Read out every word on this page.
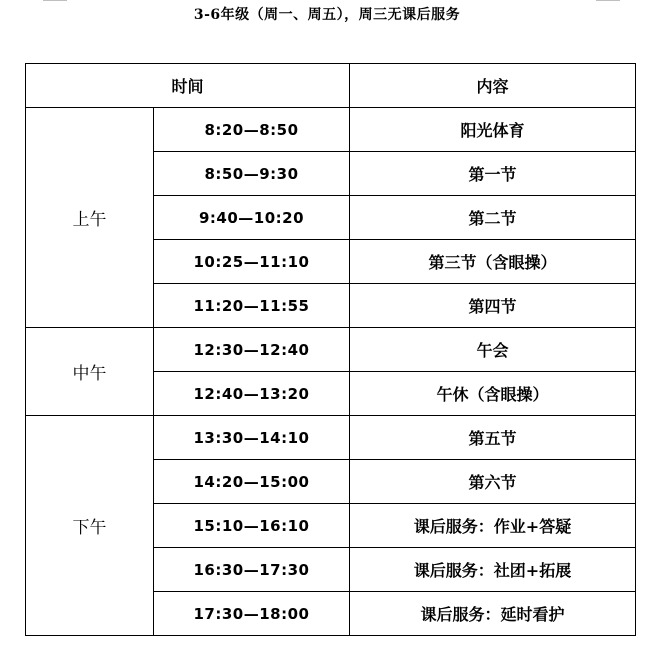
3-6年级（周一、周五），周三无课后服务
时间		内容
上午	8:20—8:50	阳光体育
	8:50—9:30	第一节
	9:40—10:20	第二节
	10:25—11:10	第三节（含眼操）
	11:20—11:55	第四节
中午	12:30—12:40	午会
	12:40—13:20	午休（含眼操）
下午	13:30—14:10	第五节
	14:20—15:00	第六节
	15:10—16:10	课后服务：作业+答疑
	16:30—17:30	课后服务：社团+拓展
	17:30—18:00	课后服务：延时看护
